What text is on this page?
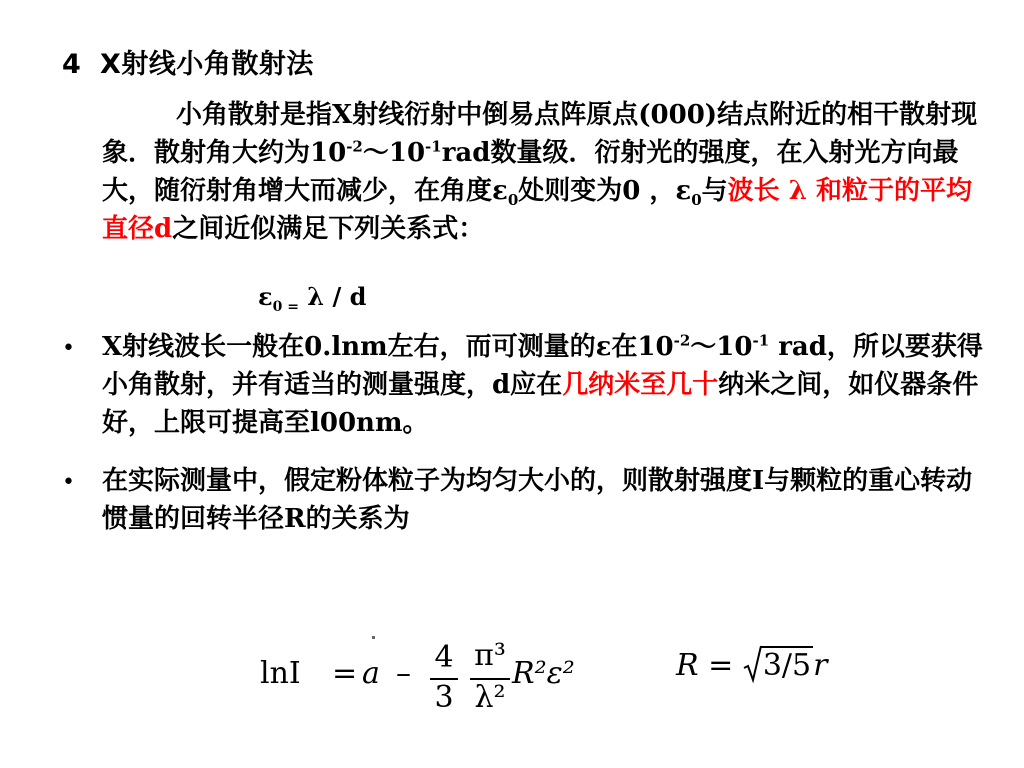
4 X射线小角散射法
小角散射是指X射线衍射中倒易点阵原点(000)结点附近的相干散射现象．散射角大约为$10^{-2}\sim 10^{-1}rad$数量级．衍射光的强度，在入射光方向最大，随衍射角增大而减少，在角度$\varepsilon_0$处则变为0 ，$\varepsilon_0$与波长 λ 和粒于的平均直径d之间近似满足下列关系式：
$\varepsilon_{0 =}$ λ / d
• X射线波长一般在0.lnm左右，而可测量的ε在$10^{-2}\sim 10^{-1}$ rad，所以要获得小角散射，并有适当的测量强度，d应在几纳米至几十纳米之间，如仪器条件好，上限可提高至l00nm。
• 在实际测量中，假定粉体粒子为均匀大小的，则散射强度I与颗粒的重心转动惯量的回转半径R的关系为
lnI = a – 4
3
π³
λ²
R²ε²	R = 3/5r
